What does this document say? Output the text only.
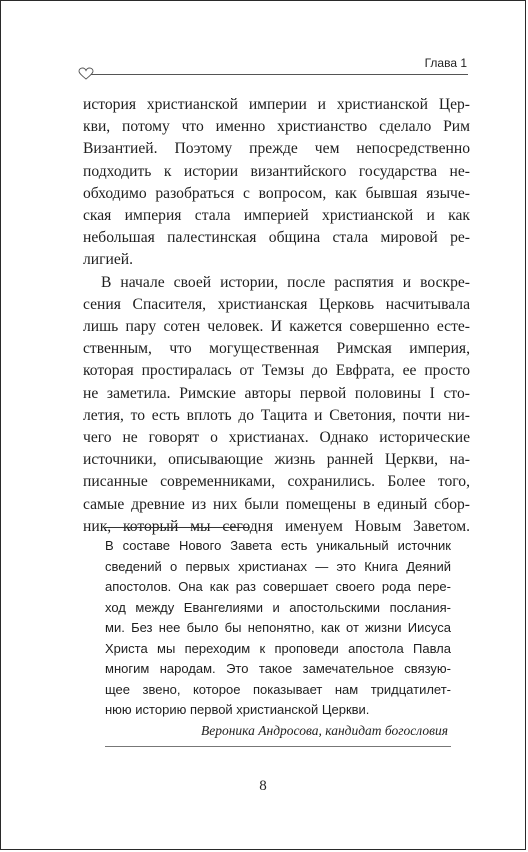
Глава 1
история христианской империи и христианской Цер-
кви, потому что именно христианство сделало Рим
Византией. Поэтому прежде чем непосредственно
подходить к истории византийского государства не-
обходимо разобраться с вопросом, как бывшая языче-
ская империя стала империей христианской и как
небольшая палестинская община стала мировой ре-
лигией.
В начале своей истории, после распятия и воскре-
сения Спасителя, христианская Церковь насчитывала
лишь пару сотен человек. И кажется совершенно есте-
ственным, что могущественная Римская империя,
которая простиралась от Темзы до Евфрата, ее просто
не заметила. Римские авторы первой половины I сто-
летия, то есть вплоть до Тацита и Светония, почти ни-
чего не говорят о христианах. Однако исторические
источники, описывающие жизнь ранней Церкви, на-
писанные современниками, сохранились. Более того,
самые древние из них были помещены в единый сбор-
ник, который мы сегодня именуем Новым Заветом.
В составе Нового Завета есть уникальный источник
сведений о первых христианах — это Книга Деяний
апостолов. Она как раз совершает своего рода пере-
ход между Евангелиями и апостольскими послания-
ми. Без нее было бы непонятно, как от жизни Иисуса
Христа мы переходим к проповеди апостола Павла
многим народам. Это такое замечательное связую-
щее звено, которое показывает нам тридцатилет-
нюю историю первой христианской Церкви.
Вероника Андросова, кандидат богословия
8
